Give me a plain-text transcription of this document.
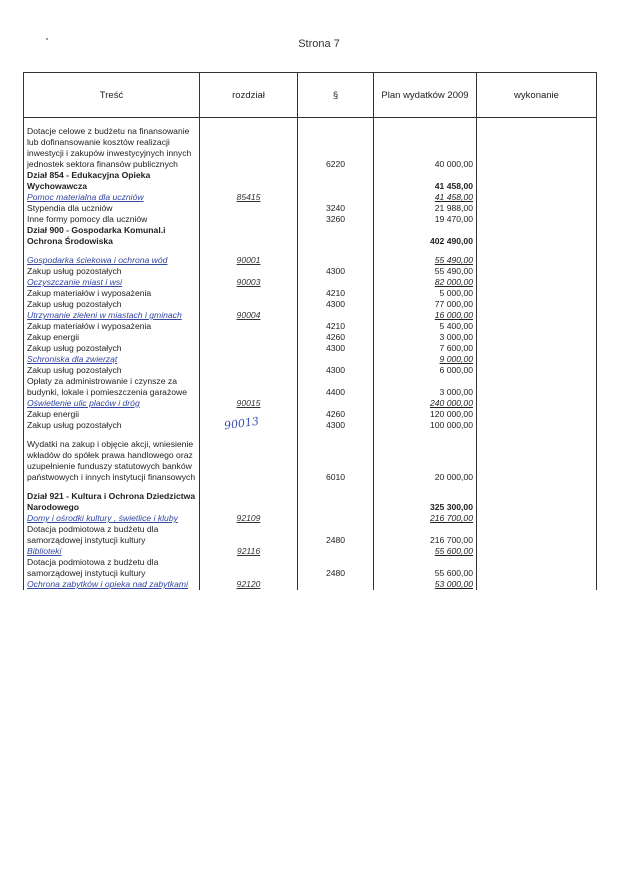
Strona 7
Treść	rozdział	§	Plan wydatków 2009	wykonanie

Dotacje celowe z budżetu na finansowanie lub dofinansowanie kosztów realizacji inwestycji i zakupów inwestycyjnych innych jednostek sektora finansów publicznych		6220	40 000,00	
Dział 854 - Edukacyjna Opieka Wychowawcza			41 458,00	
Pomoc materialna dla uczniów	85415		41 458,00	
Stypendia dla uczniów		3240	21 988,00	
Inne formy pomocy dla uczniów		3260	19 470,00	
Dział 900 - Gospodarka Komunal.i Ochrona Środowiska			402 490,00	

Gospodarka ściekowa i ochrona wód	90001		55 490,00	
Zakup usług pozostałych		4300	55 490,00	
Oczyszczanie miast i wsi	90003		82 000,00	
Zakup materiałów i wyposażenia		4210	5 000,00	
Zakup usług pozostałych		4300	77 000,00	
Utrzymanie zieleni w miastach i gminach	90004		16 000,00	
Zakup materiałów i wyposażenia		4210	5 400,00	
Zakup energii		4260	3 000,00	
Zakup usług pozostałych		4300	7 600,00	
Schroniska dla zwierząt			9 000,00	
Zakup usług pozostałych		4300	6 000,00	
Opłaty za administrowanie i czynsze za budynki, lokale i pomieszczenia garażowe		4400	3 000,00	
Oświetlenie ulic placów i dróg	90015		240 000,00	
Zakup energii		4260	120 000,00	
Zakup usług pozostałych		4300	100 000,00	

Wydatki na zakup i objęcie akcji, wniesienie wkładów do spółek prawa handlowego oraz uzupełnienie funduszy statutowych banków państwowych i innych instytucji finansowych		6010	20 000,00	

Dział 921 - Kultura i Ochrona Dziedzictwa Narodowego			325 300,00	
Domy i ośrodki kultury , świetlice i kluby	92109		216 700,00	
Dotacja podmiotowa z budżetu dla samorządowej instytucji kultury		2480	216 700,00	
Biblioteki	92116		55 600,00	
Dotacja podmiotowa z budżetu dla samorządowej instytucji kultury		2480	55 600,00	
Ochrona zabytków i opieka nad zabytkami	92120		53 000,00	
90013
